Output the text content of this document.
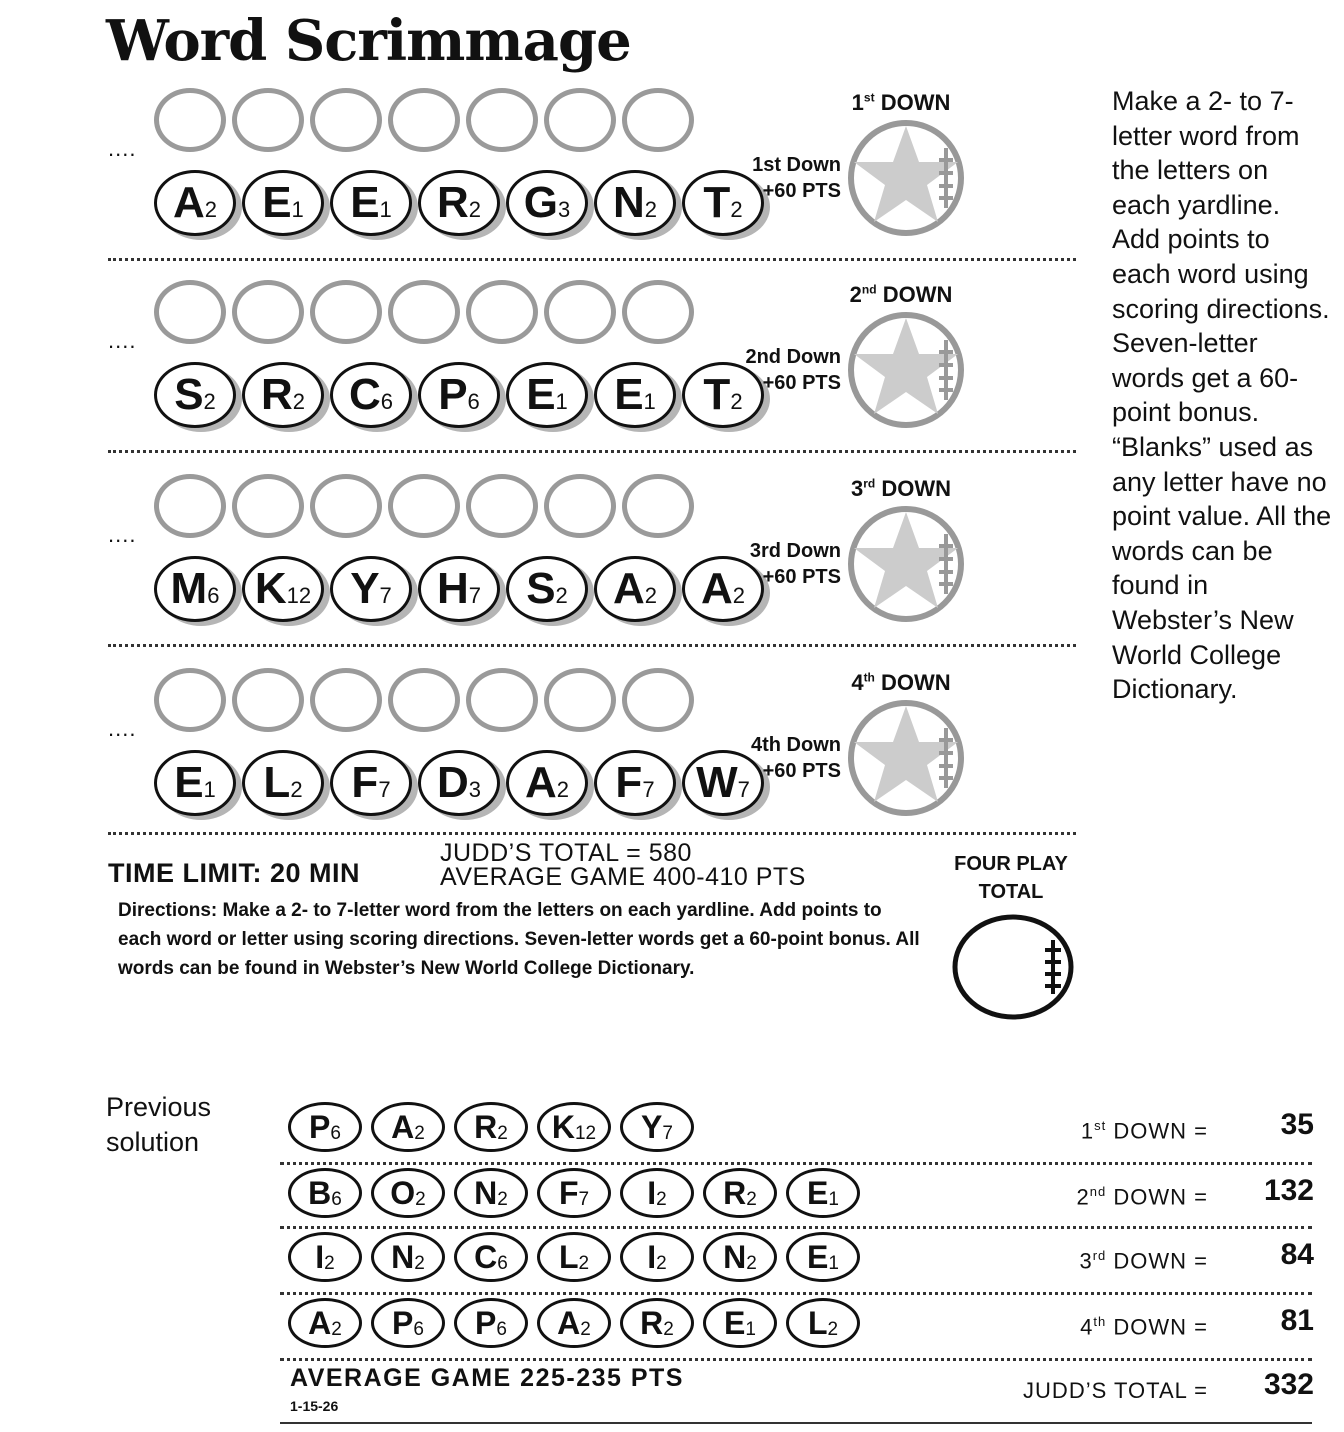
Word Scrimmage
....
A 2 E 1 E 1 R 2 G 3 N 2 T 2
1st DOWN
1st Down
+60 PTS
....
S 2 R 2 C 6 P 6 E 1 E 1 T 2
2nd DOWN
2nd Down
+60 PTS
....
M 6 K 12 Y 7 H 7 S 2 A 2 A 2
3rd DOWN
3rd Down
+60 PTS
....
E 1 L 2 F 7 D 3 A 2 F 7 W 7
4th DOWN
4th Down
+60 PTS

Make a 2- to 7-letter word from the letters on each yardline. Add points to each word using scoring directions. Seven-letter words get a 60-point bonus. “Blanks” used as any letter have no point value. All the words can be found in Webster’s New World College Dictionary.

TIME LIMIT: 20 MIN
JUDD’S TOTAL = 580
AVERAGE GAME 400-410 PTS

Directions: Make a 2- to 7-letter word from the letters on each yardline. Add points to each word or letter using scoring directions. Seven-letter words get a 60-point bonus. All words can be found in Webster’s New World College Dictionary.

FOUR PLAY
TOTAL

Previous solution	P 6 A 2 R 2 K 12 Y 7	1st DOWN =	35
B 6 O 2 N 2 F 7 I 2 R 2 E 1	2nd DOWN =	132
I 2 N 2 C 6 L 2 I 2 N 2 E 1	3rd DOWN =	84
A 2 P 6 P 6 A 2 R 2 E 1 L 2	4th DOWN =	81
AVERAGE GAME 225-235 PTS
1-15-26
JUDD’S TOTAL =	332
